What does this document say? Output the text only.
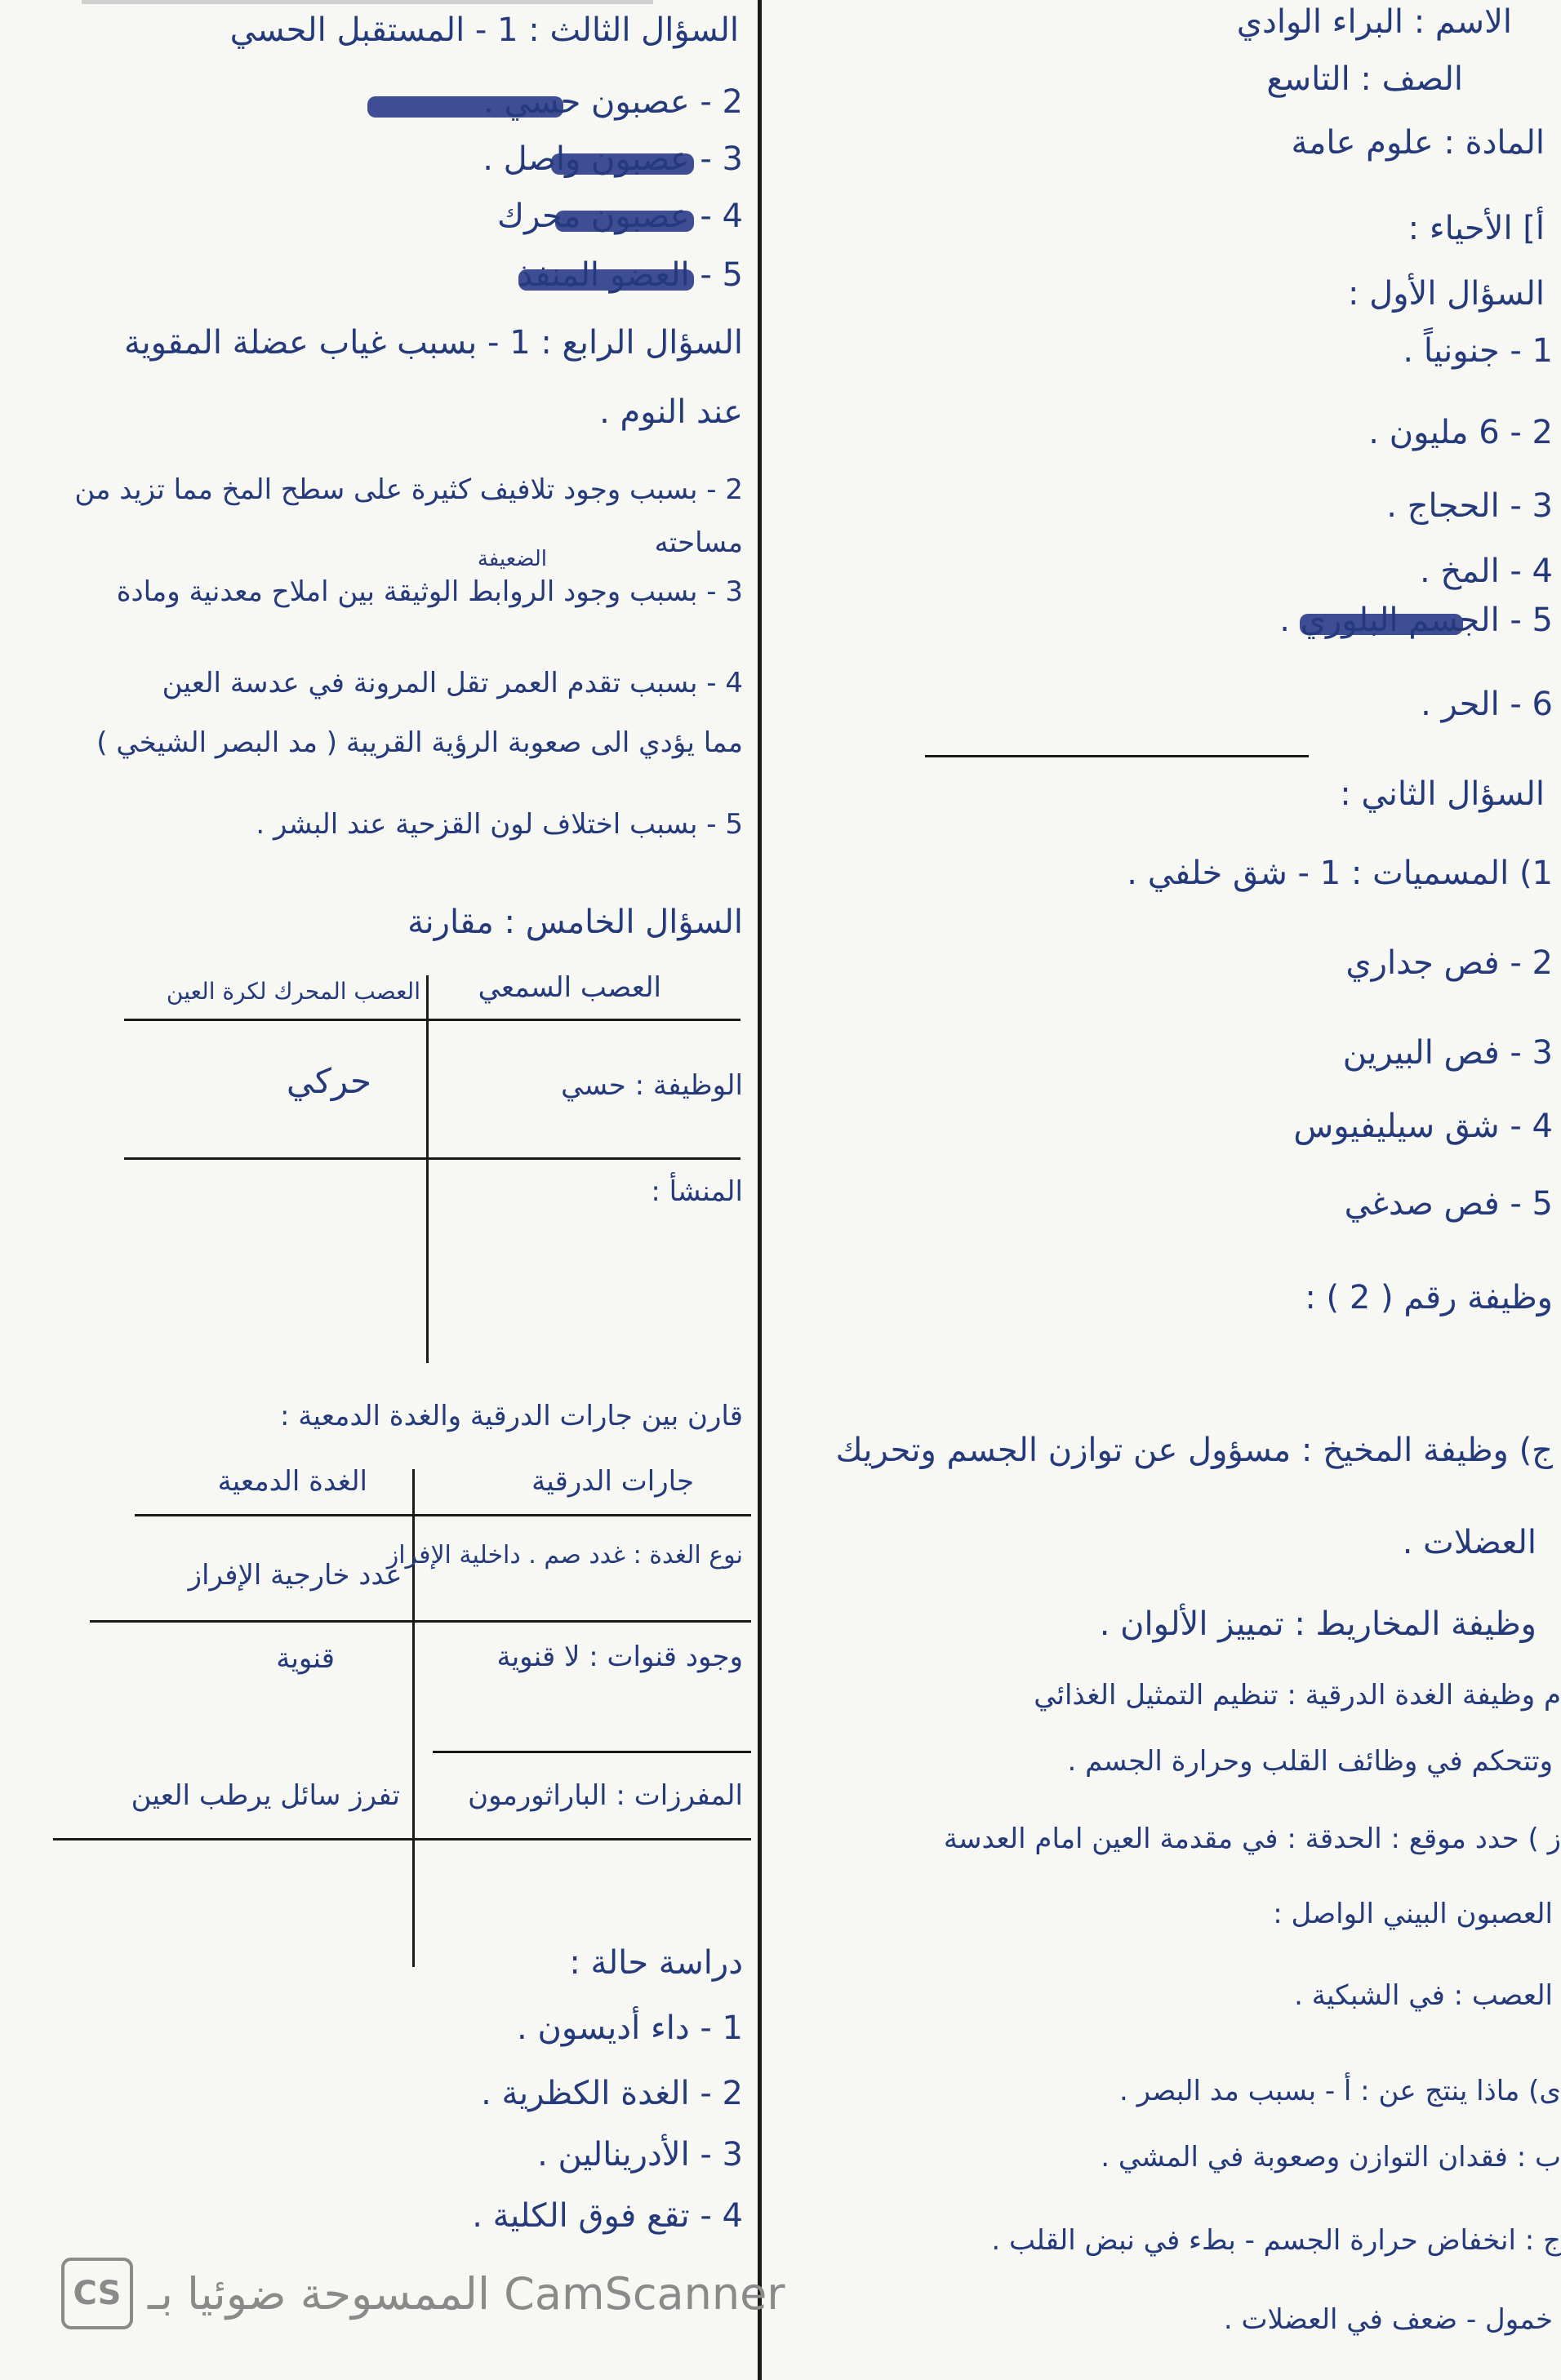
الاسم : البراء الوادي
الصف : التاسع
المادة : علوم عامة
أ] الأحياء :
السؤال الأول :
1 - جنونياً .
2 - 6 مليون .
3 - الحجاج .
4 - المخ .
5 - الجسم البلوري .
6 - الحر .
السؤال الثاني :
1) المسميات : 1 - شق خلفي .
2 - فص جداري
3 - فص البيرين
4 - شق سيليفيوس
5 - فص صدغي
وظيفة رقم ( 2 ) :
ج) وظيفة المخيخ : مسؤول عن توازن الجسم وتحريك
العضلات .
وظيفة المخاريط : تمييز الألوان .
م وظيفة الغدة الدرقية : تنظيم التمثيل الغذائي
وتتحكم في وظائف القلب وحرارة الجسم .
ز ) حدد موقع : الحدقة : في مقدمة العين امام العدسة
العصبون البيني الواصل :
العصب : في الشبكية .
ى) ماذا ينتج عن : أ - بسبب مد البصر .
ب : فقدان التوازن وصعوبة في المشي .
ج : انخفاض حرارة الجسم - بطء في نبض القلب .
خمول - ضعف في العضلات .
السؤال الثالث : 1 - المستقبل الحسي
2 - عصبون حسي .
3 - عصبون واصل .
4 - عصبون محرك
5 - العضو المنفذ
السؤال الرابع : 1 - بسبب غياب عضلة المقوية
عند النوم .
2 - بسبب وجود تلافيف كثيرة على سطح المخ مما تزيد من
مساحته
الضعيفة
3 - بسبب وجود الروابط الوثيقة بين املاح معدنية ومادة
4 - بسبب تقدم العمر تقل المرونة في عدسة العين
مما يؤدي الى صعوبة الرؤية القريبة ( مد البصر الشيخي )
5 - بسبب اختلاف لون القزحية عند البشر .
السؤال الخامس : مقارنة
العصب السمعي
العصب المحرك لكرة العين
الوظيفة : حسي
حركي
المنشأ :
قارن بين جارات الدرقية والغدة الدمعية :
جارات الدرقية
الغدة الدمعية
نوع الغدة : غدد صم . داخلية الإفراز
غدد خارجية الإفراز
وجود قنوات : لا قنوية
قنوية
المفرزات : الباراثورمون
تفرز سائل يرطب العين
دراسة حالة :
1 - داء أديسون .
2 - الغدة الكظرية .
3 - الأدرينالين .
4 - تقع فوق الكلية .
CS الممسوحة ضوئيا بـ CamScanner
